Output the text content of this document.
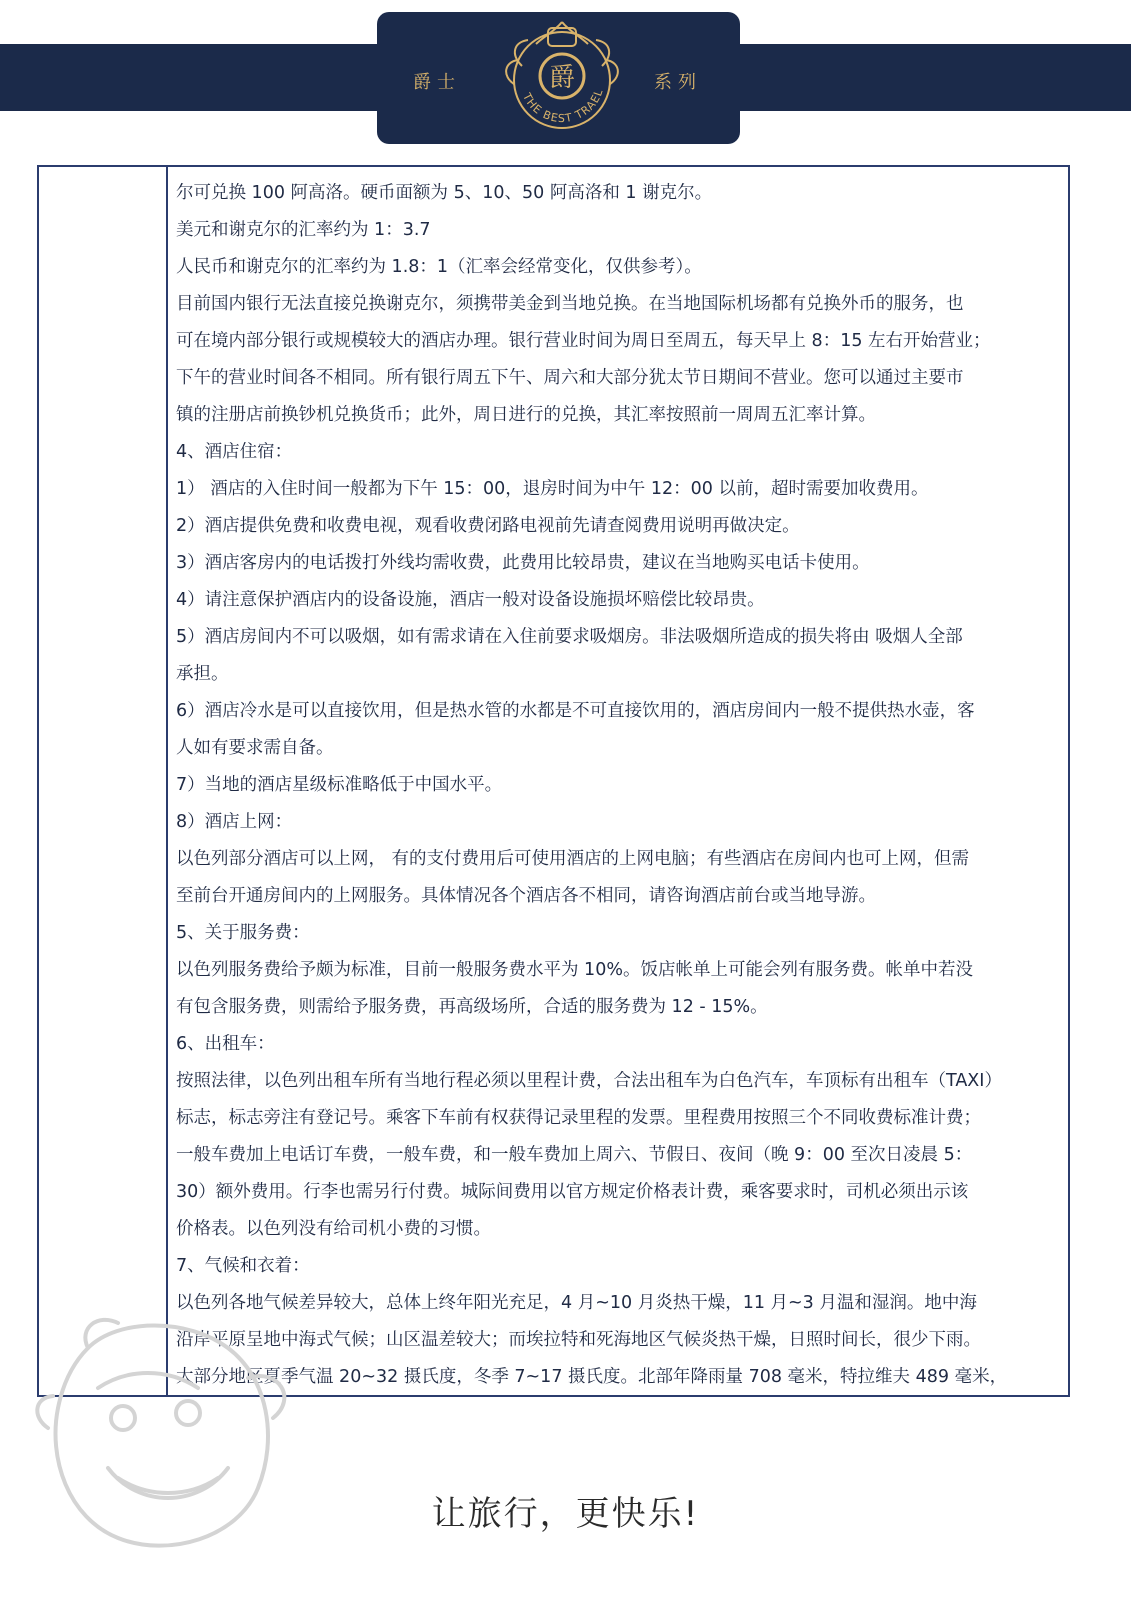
爵士	系列
爵
THE BEST TRAEL

尔可兑换 100 阿高洛。硬币面额为 5、10、50 阿高洛和 1 谢克尔。

美元和谢克尔的汇率约为 1：3.7

人民币和谢克尔的汇率约为 1.8：1（汇率会经常变化，仅供参考）。

目前国内银行无法直接兑换谢克尔，须携带美金到当地兑换。在当地国际机场都有兑换外币的服务，也

可在境内部分银行或规模较大的酒店办理。银行营业时间为周日至周五，每天早上 8：15 左右开始营业；

下午的营业时间各不相同。所有银行周五下午、周六和大部分犹太节日期间不营业。您可以通过主要市

镇的注册店前换钞机兑换货币；此外，周日进行的兑换，其汇率按照前一周周五汇率计算。

4、酒店住宿：

1） 酒店的入住时间一般都为下午 15：00，退房时间为中午 12：00 以前，超时需要加收费用。

2）酒店提供免费和收费电视，观看收费闭路电视前先请查阅费用说明再做决定。

3）酒店客房内的电话拨打外线均需收费，此费用比较昂贵，建议在当地购买电话卡使用。

4）请注意保护酒店内的设备设施，酒店一般对设备设施损坏赔偿比较昂贵。

5）酒店房间内不可以吸烟，如有需求请在入住前要求吸烟房。非法吸烟所造成的损失将由 吸烟人全部

承担。

6）酒店冷水是可以直接饮用，但是热水管的水都是不可直接饮用的，酒店房间内一般不提供热水壶，客

人如有要求需自备。

7）当地的酒店星级标准略低于中国水平。

8）酒店上网：

以色列部分酒店可以上网， 有的支付费用后可使用酒店的上网电脑；有些酒店在房间内也可上网，但需

至前台开通房间内的上网服务。具体情况各个酒店各不相同，请咨询酒店前台或当地导游。

5、关于服务费：

以色列服务费给予颇为标准，目前一般服务费水平为 10%。饭店帐单上可能会列有服务费。帐单中若没

有包含服务费，则需给予服务费，再高级场所，合适的服务费为 12 - 15%。

6、出租车：

按照法律，以色列出租车所有当地行程必须以里程计费，合法出租车为白色汽车，车顶标有出租车（TAXI）

标志，标志旁注有登记号。乘客下车前有权获得记录里程的发票。里程费用按照三个不同收费标准计费；

一般车费加上电话订车费，一般车费，和一般车费加上周六、节假日、夜间（晚 9：00 至次日凌晨 5：

30）额外费用。行李也需另行付费。城际间费用以官方规定价格表计费，乘客要求时，司机必须出示该

价格表。以色列没有给司机小费的习惯。

7、气候和衣着：

以色列各地气候差异较大，总体上终年阳光充足，4 月~10 月炎热干燥，11 月~3 月温和湿润。地中海

沿岸平原呈地中海式气候；山区温差较大；而埃拉特和死海地区气候炎热干燥，日照时间长，很少下雨。

大部分地区夏季气温 20~32 摄氏度，冬季 7~17 摄氏度。北部年降雨量 708 毫米，特拉维夫 489 毫米，

让旅行，更快乐!
